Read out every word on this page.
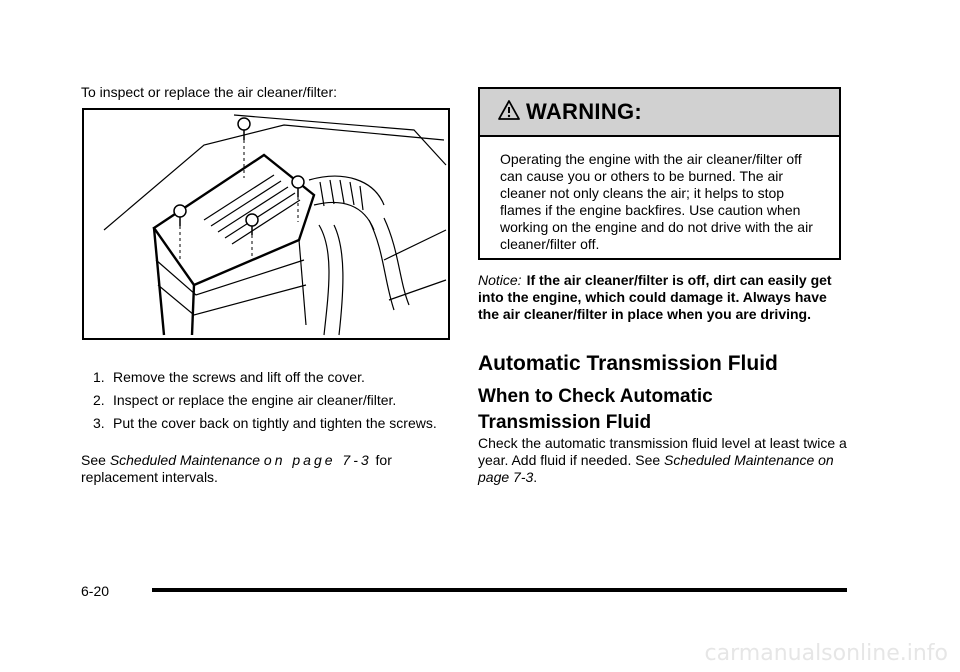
To inspect or replace the air cleaner/filter:
1. Remove the screws and lift off the cover.
2. Inspect or replace the engine air cleaner/filter.
3. Put the cover back on tightly and tighten the screws.
See Scheduled Maintenance on page 7-3 for replacement intervals.
WARNING:
Operating the engine with the air cleaner/filter off can cause you or others to be burned. The air cleaner not only cleans the air; it helps to stop flames if the engine backfires. Use caution when working on the engine and do not drive with the air cleaner/filter off.
Notice: If the air cleaner/filter is off, dirt can easily get into the engine, which could damage it. Always have the air cleaner/filter in place when you are driving.
Automatic Transmission Fluid
When to Check Automatic Transmission Fluid
Check the automatic transmission fluid level at least twice a year. Add fluid if needed. See Scheduled Maintenance on page 7-3.
6-20
carmanualsonline.info
